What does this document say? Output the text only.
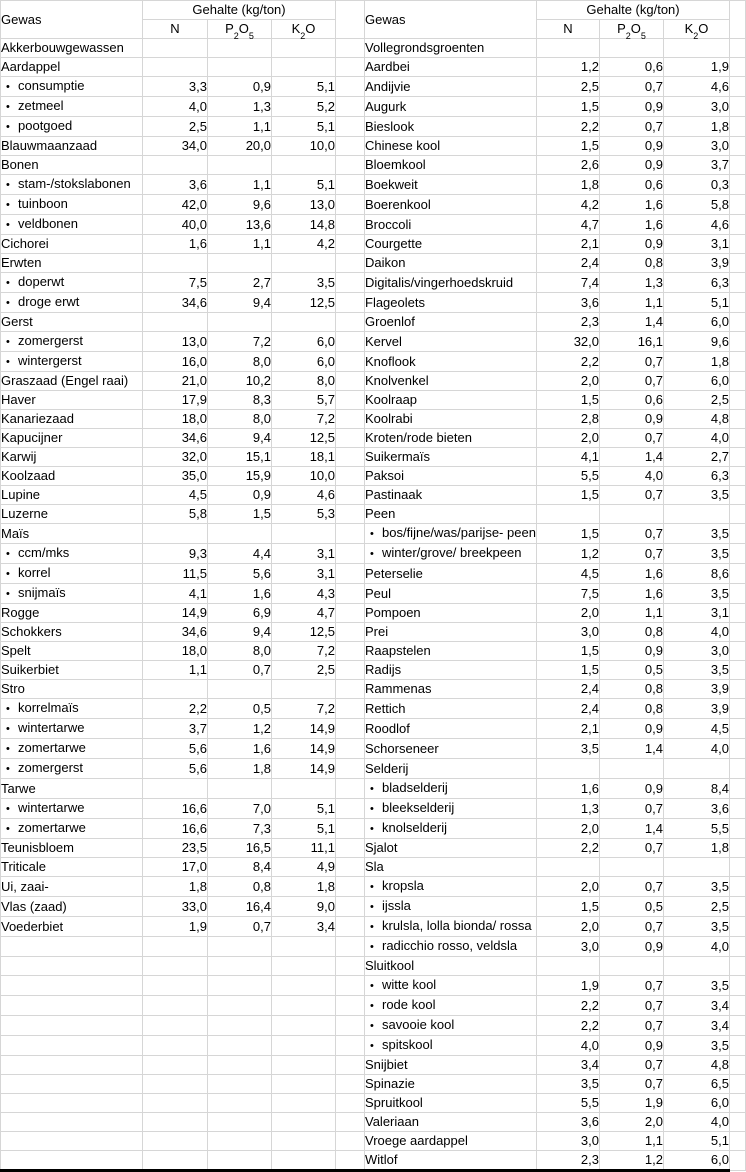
Gewas	Gehalte (kg/ton)				Gewas	Gehalte (kg/ton)			
	N	$P_2O_5$	$K_2O$			N	$P_2O_5$	$K_2O$	
Akkerbouwgewassen					Vollegrondsgroenten				
Aardappel					Aardbei	1,2	0,6	1,9	
• consumptie	3,3	0,9	5,1		Andijvie	2,5	0,7	4,6	
• zetmeel	4,0	1,3	5,2		Augurk	1,5	0,9	3,0	
• pootgoed	2,5	1,1	5,1		Bieslook	2,2	0,7	1,8	
Blauwmaanzaad	34,0	20,0	10,0		Chinese kool	1,5	0,9	3,0	
Bonen					Bloemkool	2,6	0,9	3,7	
• stam-/stokslabonen	3,6	1,1	5,1		Boekweit	1,8	0,6	0,3	
• tuinboon	42,0	9,6	13,0		Boerenkool	4,2	1,6	5,8	
• veldbonen	40,0	13,6	14,8		Broccoli	4,7	1,6	4,6	
Cichorei	1,6	1,1	4,2		Courgette	2,1	0,9	3,1	
Erwten					Daikon	2,4	0,8	3,9	
• doperwt	7,5	2,7	3,5		Digitalis/vingerhoedskruid	7,4	1,3	6,3	
• droge erwt	34,6	9,4	12,5		Flageolets	3,6	1,1	5,1	
Gerst					Groenlof	2,3	1,4	6,0	
• zomergerst	13,0	7,2	6,0		Kervel	32,0	16,1	9,6	
• wintergerst	16,0	8,0	6,0		Knoflook	2,2	0,7	1,8	
Graszaad (Engel raai)	21,0	10,2	8,0		Knolvenkel	2,0	0,7	6,0	
Haver	17,9	8,3	5,7		Koolraap	1,5	0,6	2,5	
Kanariezaad	18,0	8,0	7,2		Koolrabi	2,8	0,9	4,8	
Kapucijner	34,6	9,4	12,5		Kroten/rode bieten	2,0	0,7	4,0	
Karwij	32,0	15,1	18,1		Suikermaïs	4,1	1,4	2,7	
Koolzaad	35,0	15,9	10,0		Paksoi	5,5	4,0	6,3	
Lupine	4,5	0,9	4,6		Pastinaak	1,5	0,7	3,5	
Luzerne	5,8	1,5	5,3		Peen				
Maïs					• bos/fijne/was/parijse- peen	1,5	0,7	3,5	
• ccm/mks	9,3	4,4	3,1		• winter/grove/ breekpeen	1,2	0,7	3,5	
• korrel	11,5	5,6	3,1		Peterselie	4,5	1,6	8,6	
• snijmaïs	4,1	1,6	4,3		Peul	7,5	1,6	3,5	
Rogge	14,9	6,9	4,7		Pompoen	2,0	1,1	3,1	
Schokkers	34,6	9,4	12,5		Prei	3,0	0,8	4,0	
Spelt	18,0	8,0	7,2		Raapstelen	1,5	0,9	3,0	
Suikerbiet	1,1	0,7	2,5		Radijs	1,5	0,5	3,5	
Stro					Rammenas	2,4	0,8	3,9	
• korrelmaïs	2,2	0,5	7,2		Rettich	2,4	0,8	3,9	
• wintertarwe	3,7	1,2	14,9		Roodlof	2,1	0,9	4,5	
• zomertarwe	5,6	1,6	14,9		Schorseneer	3,5	1,4	4,0	
• zomergerst	5,6	1,8	14,9		Selderij				
Tarwe					• bladselderij	1,6	0,9	8,4	
• wintertarwe	16,6	7,0	5,1		• bleekselderij	1,3	0,7	3,6	
• zomertarwe	16,6	7,3	5,1		• knolselderij	2,0	1,4	5,5	
Teunisbloem	23,5	16,5	11,1		Sjalot	2,2	0,7	1,8	
Triticale	17,0	8,4	4,9		Sla				
Ui, zaai-	1,8	0,8	1,8		• kropsla	2,0	0,7	3,5	
Vlas (zaad)	33,0	16,4	9,0		• ijssla	1,5	0,5	2,5	
Voederbiet	1,9	0,7	3,4		• krulsla, lolla bionda/ rossa	2,0	0,7	3,5	
					• radicchio rosso, veldsla	3,0	0,9	4,0	
					Sluitkool				
					• witte kool	1,9	0,7	3,5	
					• rode kool	2,2	0,7	3,4	
					• savooie kool	2,2	0,7	3,4	
					• spitskool	4,0	0,9	3,5	
					Snijbiet	3,4	0,7	4,8	
					Spinazie	3,5	0,7	6,5	
					Spruitkool	5,5	1,9	6,0	
					Valeriaan	3,6	2,0	4,0	
					Vroege aardappel	3,0	1,1	5,1	
					Witlof	2,3	1,2	6,0	
